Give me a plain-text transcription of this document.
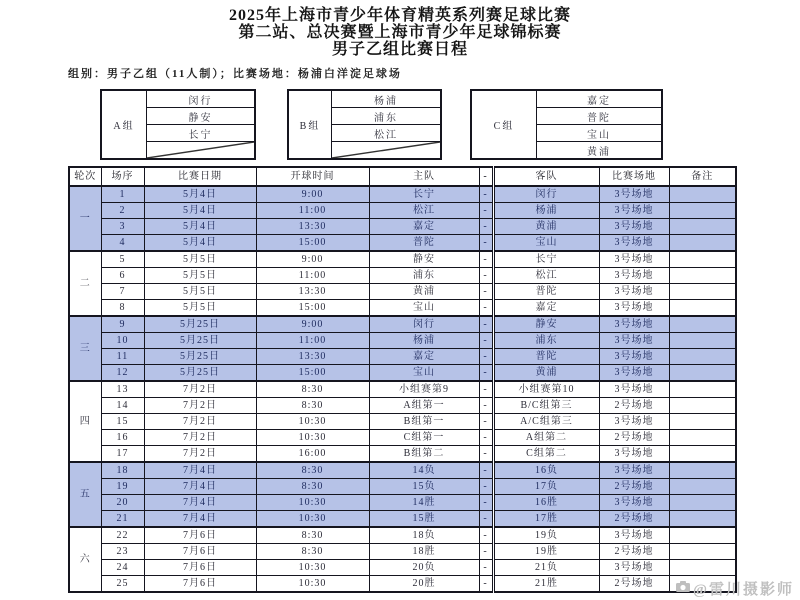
2025年上海市青少年体育精英系列赛足球比赛
第二站、总决赛暨上海市青少年足球锦标赛
男子乙组比赛日程
组别：男子乙组（11人制）；比赛场地：杨浦白洋淀足球场
A组	闵行
静安
长宁

B组	杨浦
浦东
松江

C组	嘉定
普陀
宝山
黄浦
轮次	场序	比赛日期	开球时间	主队	-	客队	比赛场地	备注
一	1	5月4日	9:00	长宁	-	闵行	3号场地	
	2	5月4日	11:00	松江	-	杨浦	3号场地	
	3	5月4日	13:30	嘉定	-	黄浦	3号场地	
	4	5月4日	15:00	普陀	-	宝山	3号场地	
二	5	5月5日	9:00	静安	-	长宁	3号场地	
	6	5月5日	11:00	浦东	-	松江	3号场地	
	7	5月5日	13:30	黄浦	-	普陀	3号场地	
	8	5月5日	15:00	宝山	-	嘉定	3号场地	
三	9	5月25日	9:00	闵行	-	静安	3号场地	
	10	5月25日	11:00	杨浦	-	浦东	3号场地	
	11	5月25日	13:30	嘉定	-	普陀	3号场地	
	12	5月25日	15:00	宝山	-	黄浦	3号场地	
四	13	7月2日	8:30	小组赛第9	-	小组赛第10	3号场地	
	14	7月2日	8:30	A组第一	-	B/C组第三	2号场地	
	15	7月2日	10:30	B组第一	-	A/C组第三	3号场地	
	16	7月2日	10:30	C组第一	-	A组第二	2号场地	
	17	7月2日	16:00	B组第二	-	C组第二	3号场地	
五	18	7月4日	8:30	14负	-	16负	3号场地	
	19	7月4日	8:30	15负	-	17负	2号场地	
	20	7月4日	10:30	14胜	-	16胜	3号场地	
	21	7月4日	10:30	15胜	-	17胜	2号场地	
六	22	7月6日	8:30	18负	-	19负	3号场地	
	23	7月6日	8:30	18胜	-	19胜	2号场地	
	24	7月6日	10:30	20负	-	21负	3号场地	
	25	7月6日	10:30	20胜	-	21胜	2号场地		@雷川摄影师
